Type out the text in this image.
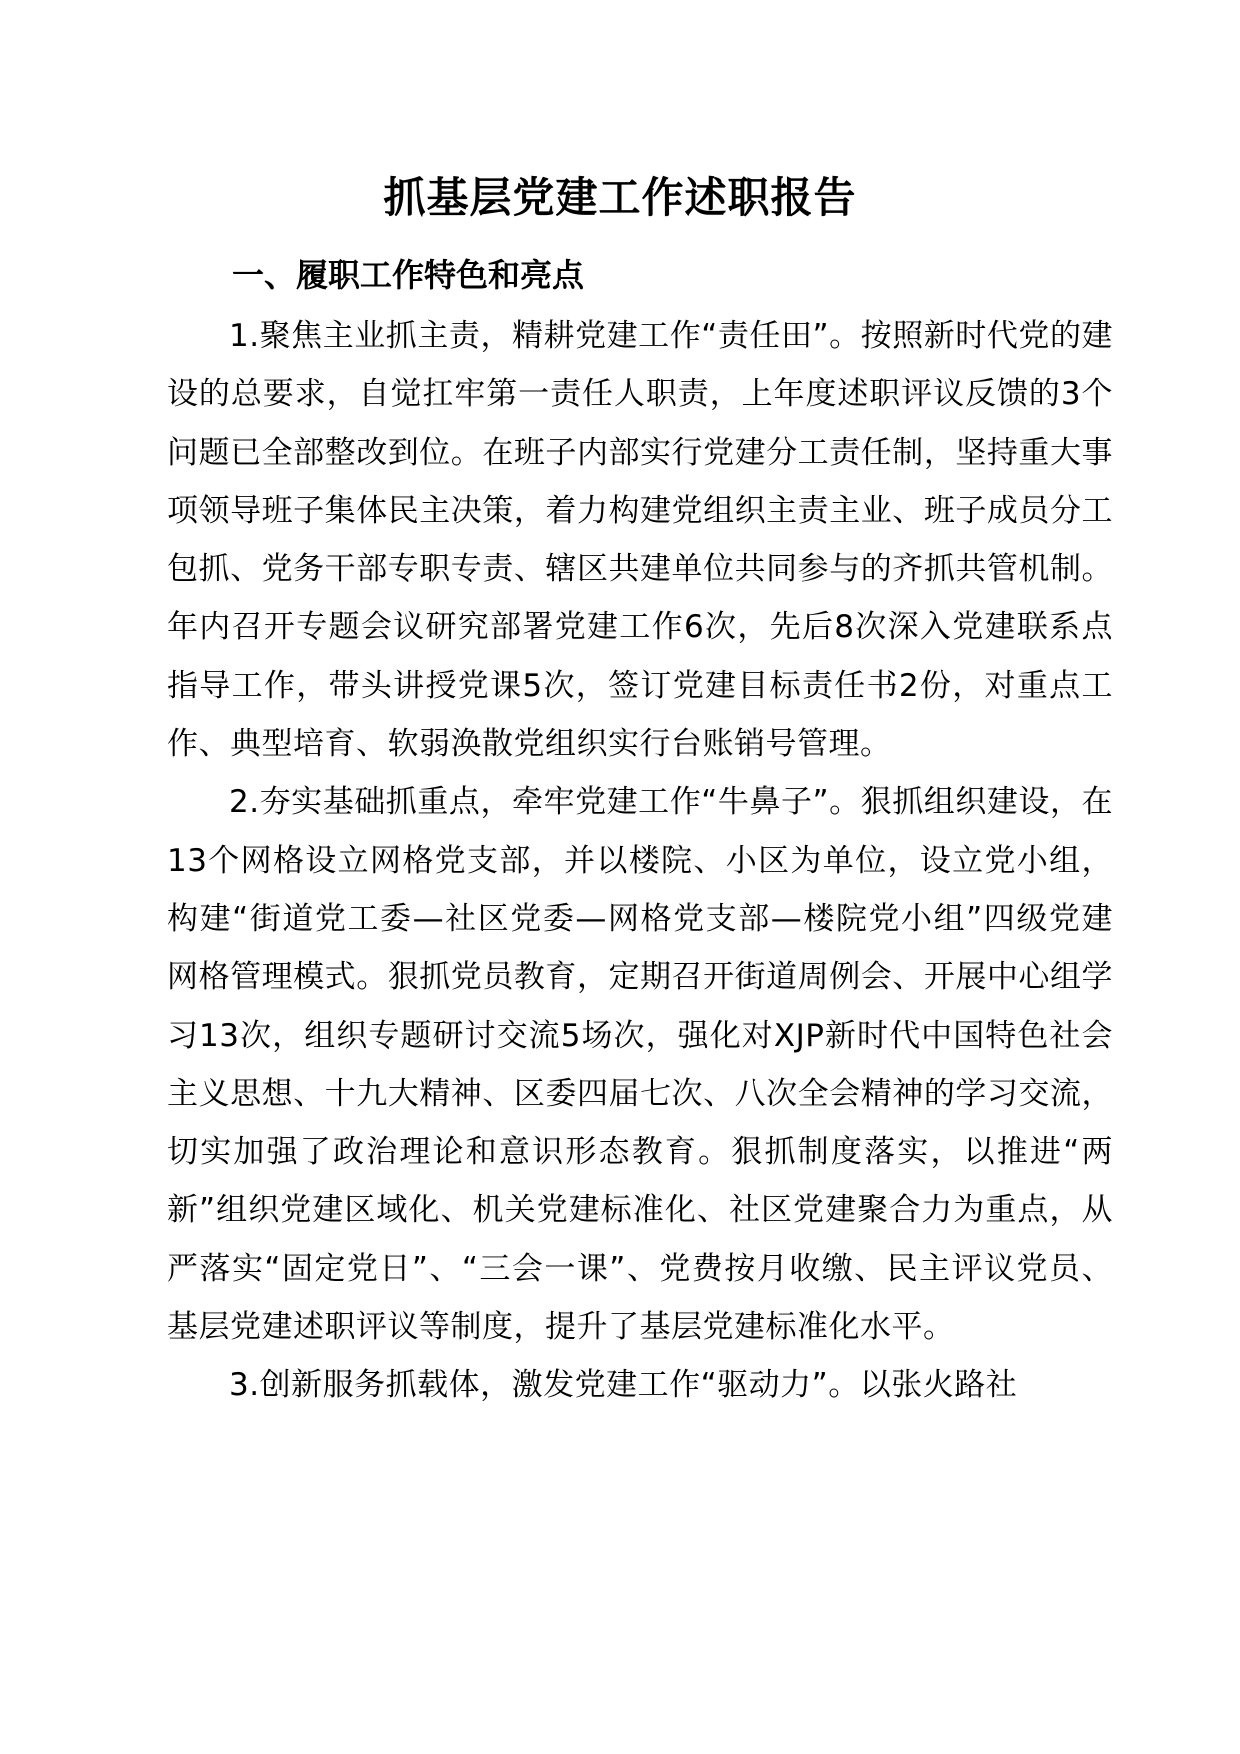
抓基层党建工作述职报告
一、履职工作特色和亮点

1.聚焦主业抓主责，精耕党建工作“责任田”。按照新时代党的建设的总要求，自觉扛牢第一责任人职责，上年度述职评议反馈的3个问题已全部整改到位。在班子内部实行党建分工责任制，坚持重大事项领导班子集体民主决策，着力构建党组织主责主业、班子成员分工包抓、党务干部专职专责、辖区共建单位共同参与的齐抓共管机制。年内召开专题会议研究部署党建工作6次，先后8次深入党建联系点指导工作，带头讲授党课5次，签订党建目标责任书2份，对重点工作、典型培育、软弱涣散党组织实行台账销号管理。

2.夯实基础抓重点，牵牢党建工作“牛鼻子”。狠抓组织建设，在13个网格设立网格党支部，并以楼院、小区为单位，设立党小组，构建“街道党工委—社区党委—网格党支部—楼院党小组”四级党建网格管理模式。狠抓党员教育，定期召开街道周例会、开展中心组学习13次，组织专题研讨交流5场次，强化对XJP新时代中国特色社会主义思想、十九大精神、区委四届七次、八次全会精神的学习交流，切实加强了政治理论和意识形态教育。狠抓制度落实，以推进“两新”组织党建区域化、机关党建标准化、社区党建聚合力为重点，从严落实“固定党日”、“三会一课”、党费按月收缴、民主评议党员、基层党建述职评议等制度，提升了基层党建标准化水平。

3.创新服务抓载体，激发党建工作“驱动力”。以张火路社
